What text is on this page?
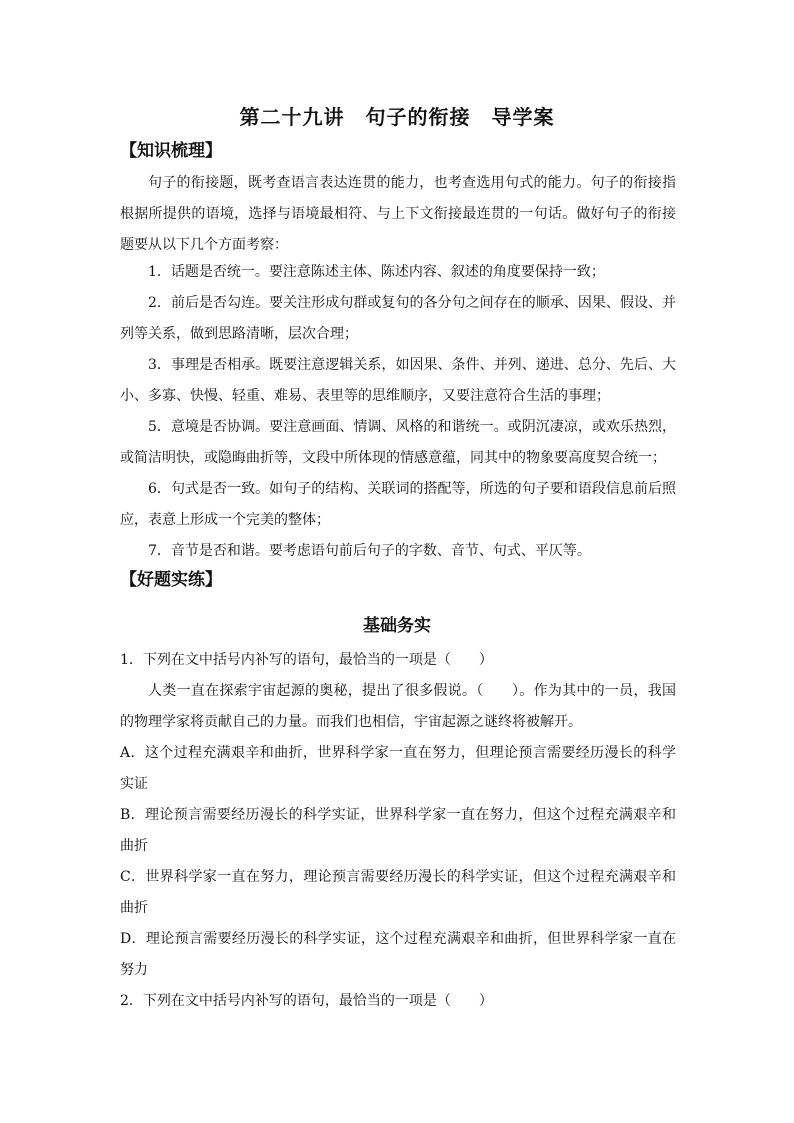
第二十九讲　句子的衔接　导学案
【知识梳理】
句子的衔接题，既考查语言表达连贯的能力，也考查选用句式的能力。句子的衔接指根据所提供的语境，选择与语境最相符、与上下文衔接最连贯的一句话。做好句子的衔接题要从以下几个方面考察：
1．话题是否统一。要注意陈述主体、陈述内容、叙述的角度要保持一致；
2．前后是否勾连。要关注形成句群或复句的各分句之间存在的顺承、因果、假设、并列等关系，做到思路清晰，层次合理；
3．事理是否相承。既要注意逻辑关系，如因果、条件、并列、递进、总分、先后、大小、多寡、快慢、轻重、难易、表里等的思维顺序，又要注意符合生活的事理；
5．意境是否协调。要注意画面、情调、风格的和谐统一。或阴沉凄凉，或欢乐热烈，或简洁明快，或隐晦曲折等，文段中所体现的情感意蕴，同其中的物象要高度契合统一；
6．句式是否一致。如句子的结构、关联词的搭配等，所选的句子要和语段信息前后照应，表意上形成一个完美的整体；
7．音节是否和谐。要考虑语句前后句子的字数、音节、句式、平仄等。
【好题实练】
基础务实
1．下列在文中括号内补写的语句，最恰当的一项是（　　）
人类一直在探索宇宙起源的奥秘，提出了很多假说。（　　）。作为其中的一员，我国的物理学家将贡献自己的力量。而我们也相信，宇宙起源之谜终将被解开。
A．这个过程充满艰辛和曲折，世界科学家一直在努力，但理论预言需要经历漫长的科学实证
B．理论预言需要经历漫长的科学实证，世界科学家一直在努力，但这个过程充满艰辛和曲折
C．世界科学家一直在努力，理论预言需要经历漫长的科学实证，但这个过程充满艰辛和曲折
D．理论预言需要经历漫长的科学实证，这个过程充满艰辛和曲折，但世界科学家一直在努力
2．下列在文中括号内补写的语句，最恰当的一项是（　　）
